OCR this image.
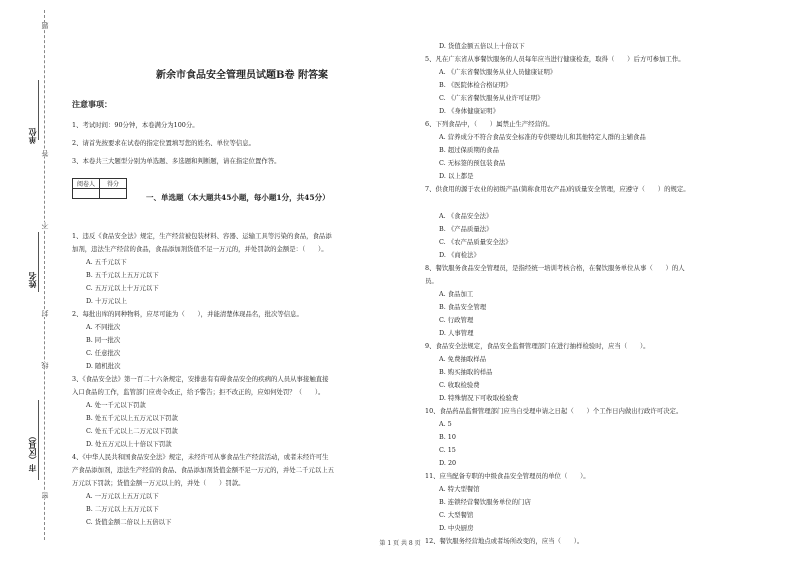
题
不
线
答
封
密
单位
姓名
市（区县）
新余市食品安全管理员试题B卷 附答案
注意事项：
1、考试时间：90分钟，本卷满分为100分。
2、请首先按要求在试卷的指定位置填写您的姓名、单位等信息。
3、本卷共三大题型分别为单选题、多选题和判断题，请在指定位置作答。
阅卷人	得分

一、单选题（本大题共45小题，每小题1分，共45分）
1、违反《食品安全法》规定，生产经营被包装材料、容器、运输工具等污染的食品，食品添
加剂，违法生产经营的食品，食品添加剂货值不足一万元的，并处罚款的金额是：（　　）。
A. 五千元以下
B. 五千元以上五万元以下
C. 五万元以上十万元以下
D. 十万元以上
2、每批出库的同种物料，应尽可能为（　　），并能清楚体现品名，批次等信息。
A. 不同批次
B. 同一批次
C. 任意批次
D. 随机批次
3、《食品安全法》第一百二十六条规定，安排患有有碍食品安全的疾病的人员从事接触直接
入口食品的工作，监管部门应责令改正，给予警告；拒不改正的，应如何处罚？（　　）。
A. 处一千元以下罚款
B. 处五千元以上五万元以下罚款
C. 处五千元以上二万元以下罚款
D. 处五万元以上十倍以下罚款
4、《中华人民共和国食品安全法》规定，未经许可从事食品生产经营活动，或者未经许可生
产食品添加剂，违法生产经营的食品、食品添加剂货值金额不足一万元的，并处二千元以上五
万元以下罚款；货值金额一万元以上的，并处（　　）罚款。
A. 一万元以上五万元以下
B. 二万元以上五万元以下
C. 货值金额二倍以上五倍以下
D. 货值金额五倍以上十倍以下
5、凡在广东省从事餐饮服务的人员每年应当进行健康检查，取得（　　）后方可参加工作。
A. 《广东省餐饮服务从业人员健康证明》
B. 《医院体检合格证明》
C. 《广东省餐饮服务从业许可证明》
D. 《身体健康证明》
6、下列食品中，（　　）属禁止生产经营的。
A. 营养成分不符合食品安全标准的专供婴幼儿和其他特定人群的主辅食品
B. 超过保质期的食品
C. 无标签的预包装食品
D. 以上都是
7、供食用的源于农业的初级产品(简称食用农产品)的质量安全管理，应遵守（　　）的规定。
A. 《食品安全法》
B. 《产品质量法》
C. 《农产品质量安全法》
D. 《商检法》
8、餐饮服务食品安全管理员，是指经统一培训考核合格，在餐饮服务单位从事（　　）的人
员。
A. 食品加工
B. 食品安全管理
C. 行政管理
D. 人事管理
9、食品安全法规定，食品安全监督管理部门在进行抽样检验时，应当（　　）。
A. 免费抽取样品
B. 购买抽取的样品
C. 收取检验费
D. 特殊情况下可收取检验费
10、食品药品监督管理部门应当自受理申请之日起（　　）个工作日内做出行政许可决定。
A. 5
B. 10
C. 15
D. 20
11、应当配备专职的中级食品安全管理员的单位（　　）。
A. 特大型餐馆
B. 连锁经营餐饮服务单位的门店
C. 大型餐馆
D. 中央厨房
12、餐饮服务经营地点或者场所改变的，应当（　　）。
第 1 页 共 8 页
